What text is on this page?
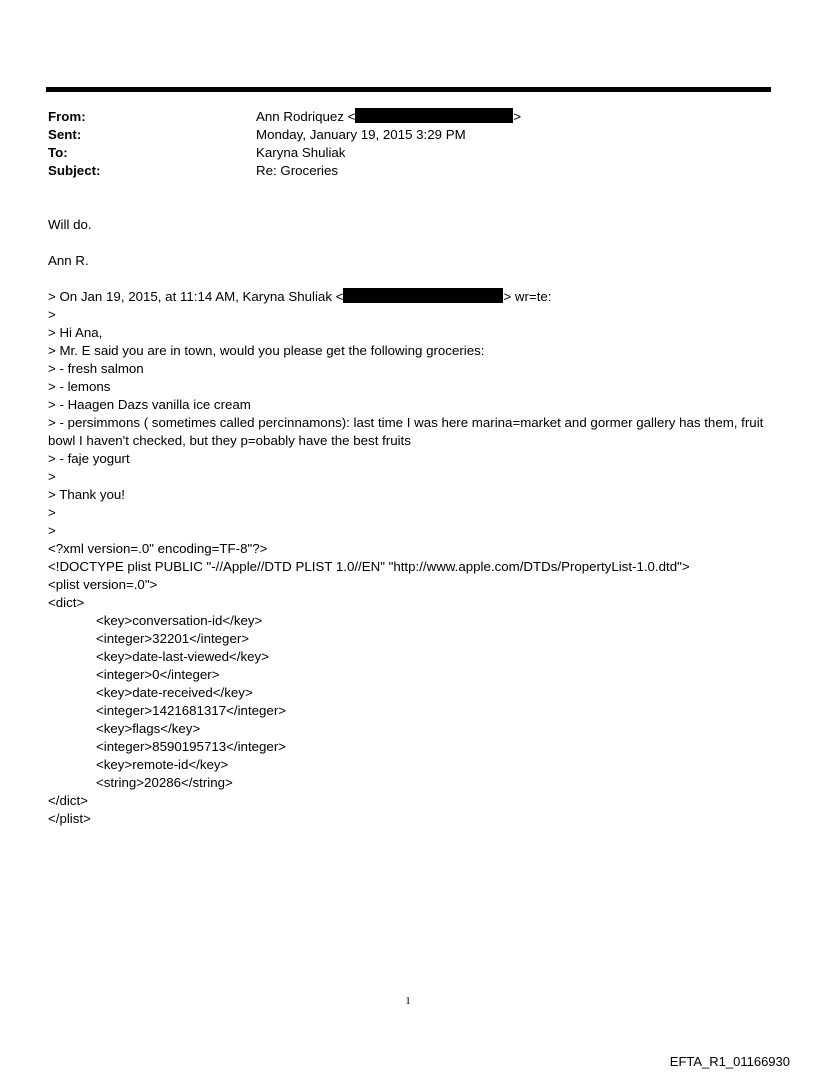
From:	Ann Rodriquez <	>
Sent:	Monday, January 19, 2015 3:29 PM
To:	Karyna Shuliak
Subject:	Re: Groceries
Will do.
Ann R.
> On Jan 19, 2015, at 11:14 AM, Karyna Shuliak <	> wr=te:
>
> Hi Ana,
> Mr. E said you are in town, would you please get the following groceries:
> - fresh salmon
> - lemons
> - Haagen Dazs vanilla ice cream
> - persimmons ( sometimes called percinnamons): last time I was here marina=market and gormer gallery has them, fruit bowl I haven't checked, but they p=obably have the best fruits
> - faje yogurt
>
> Thank you!
>
>
<?xml version=.0" encoding=TF-8"?>
<!DOCTYPE plist PUBLIC "-//Apple//DTD PLIST 1.0//EN" "http://www.apple.com/DTDs/PropertyList-1.0.dtd">
<plist version=.0">
<dict>
<key>conversation-id</key>
<integer>32201</integer>
<key>date-last-viewed</key>
<integer>0</integer>
<key>date-received</key>
<integer>1421681317</integer>
<key>flags</key>
<integer>8590195713</integer>
<key>remote-id</key>
<string>20286</string>
</dict>
</plist>
1
EFTA_R1_01166930
